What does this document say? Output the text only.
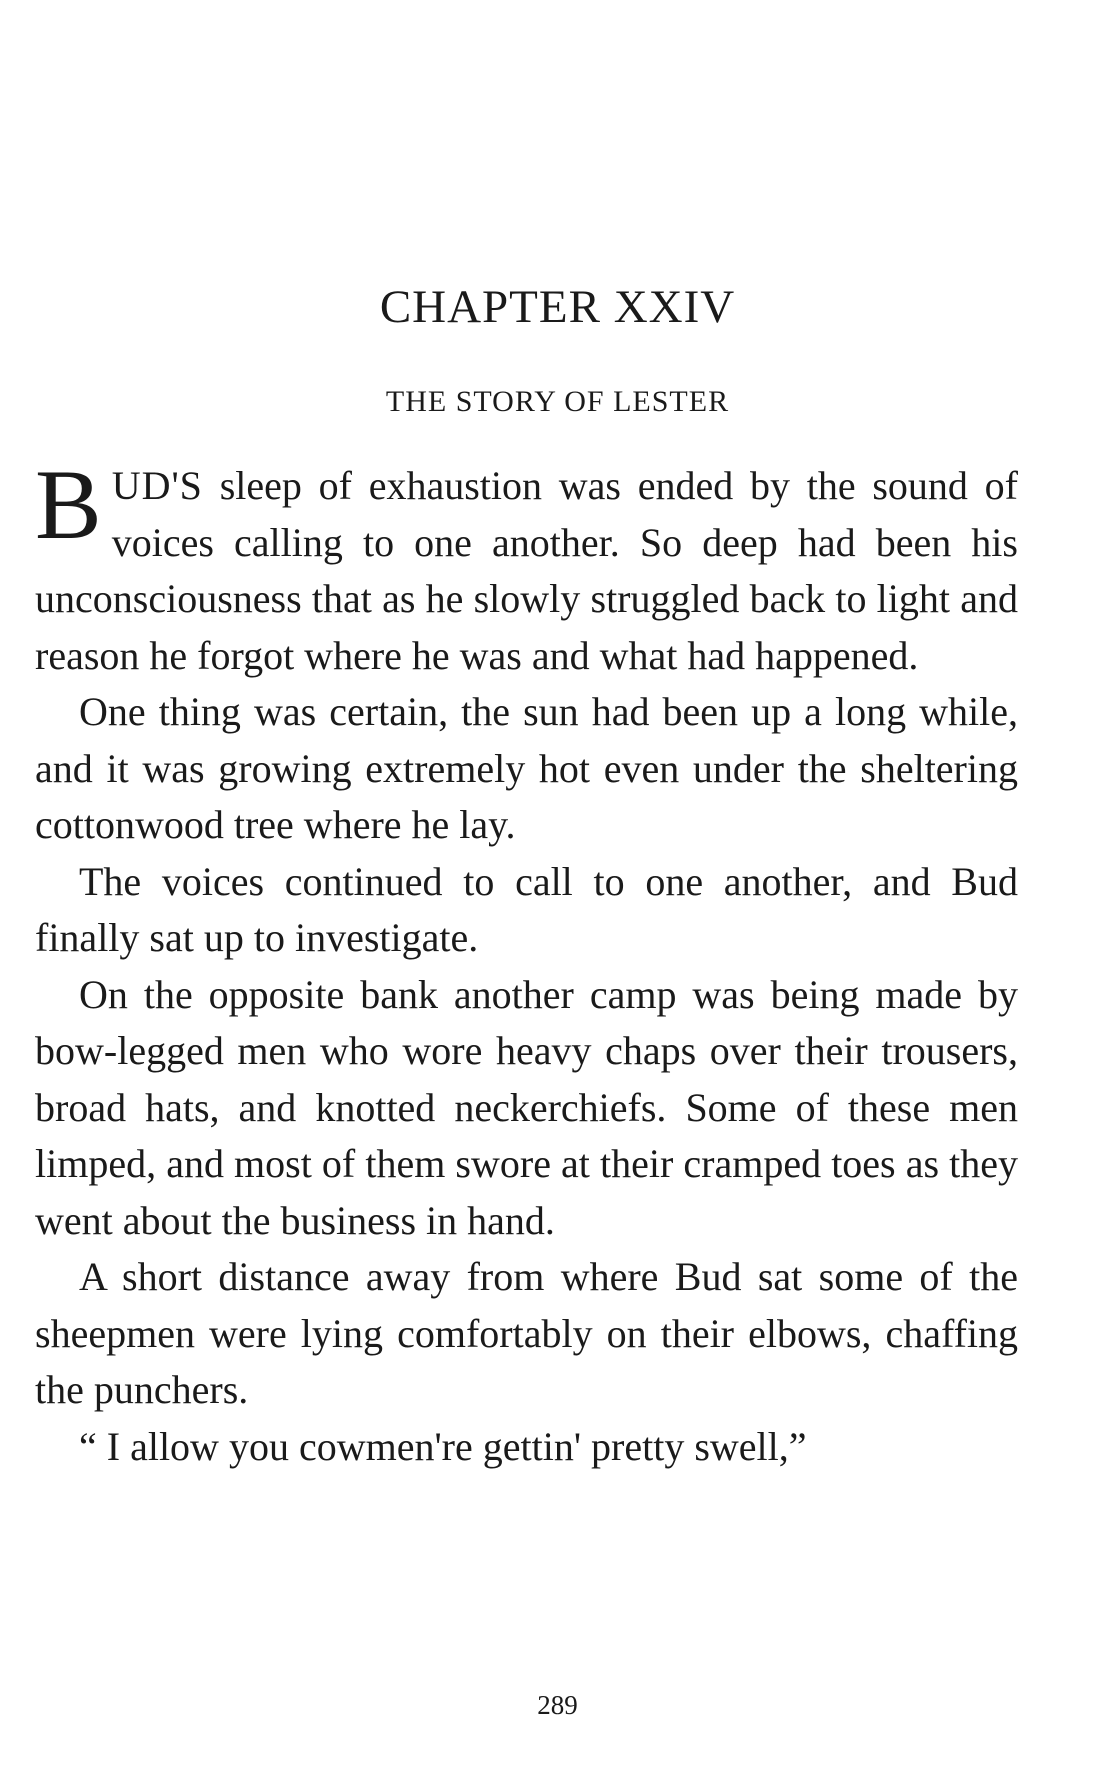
CHAPTER XXIV
THE STORY OF LESTER

BUD'S sleep of exhaustion was ended by the sound of voices calling to one another. So deep had been his unconsciousness that as he slowly struggled back to light and reason he forgot where he was and what had happened.

One thing was certain, the sun had been up a long while, and it was growing extremely hot even under the sheltering cottonwood tree where he lay.

The voices continued to call to one another, and Bud finally sat up to investigate.

On the opposite bank another camp was being made by bow-legged men who wore heavy chaps over their trousers, broad hats, and knotted neckerchiefs. Some of these men limped, and most of them swore at their cramped toes as they went about the business in hand.

A short distance away from where Bud sat some of the sheepmen were lying comfortably on their elbows, chaffing the punchers.

“ I allow you cowmen're gettin' pretty swell,”

289
